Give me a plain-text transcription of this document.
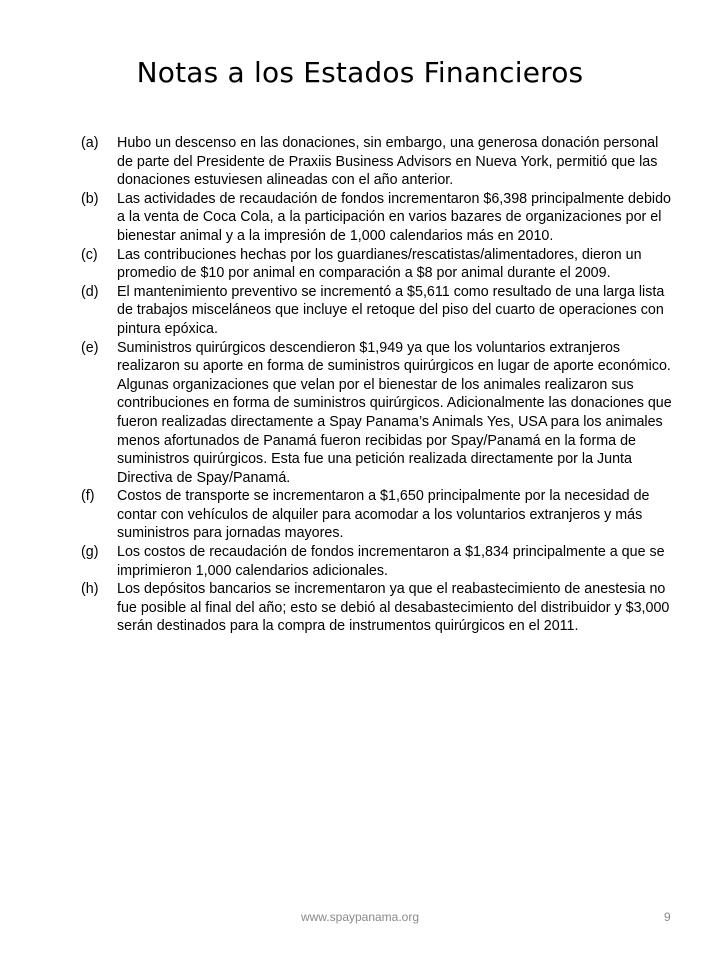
Notas a los Estados Financieros
(a)	Hubo un descenso en las donaciones, sin embargo, una generosa donación personal de parte del Presidente de Praxiis Business Advisors en Nueva York, permitió que las donaciones estuviesen alineadas con el año anterior.
(b)	Las actividades de recaudación de fondos incrementaron $6,398 principalmente debido a la venta de Coca Cola, a la participación en varios bazares de organizaciones por el bienestar animal y a la impresión de 1,000 calendarios más en 2010.
(c)	Las contribuciones hechas por los guardianes/rescatistas/alimentadores, dieron un promedio de $10 por animal en comparación a $8 por animal durante el 2009.
(d)	El mantenimiento preventivo se incrementó a $5,611 como resultado de una larga lista de trabajos misceláneos que incluye el retoque del piso del cuarto de operaciones con pintura epóxica.
(e)	Suministros quirúrgicos descendieron $1,949 ya que los voluntarios extranjeros realizaron su aporte en forma de suministros quirúrgicos en lugar de aporte económico. Algunas organizaciones que velan por el bienestar de los animales realizaron sus contribuciones en forma de suministros quirúrgicos. Adicionalmente las donaciones que fueron realizadas directamente a Spay Panama’s Animals Yes, USA para los animales menos afortunados de Panamá fueron recibidas por Spay/Panamá en la forma de suministros quirúrgicos. Esta fue una petición realizada directamente por la Junta Directiva de Spay/Panamá.
(f)	Costos de transporte se incrementaron a $1,650 principalmente por la necesidad de contar con vehículos de alquiler para acomodar a los voluntarios extranjeros y más suministros para jornadas mayores.
(g)	Los costos de recaudación de fondos incrementaron a $1,834 principalmente a que se imprimieron 1,000 calendarios adicionales.
(h)	Los depósitos bancarios se incrementaron ya que el reabastecimiento de anestesia no fue posible al final del año; esto se debió al desabastecimiento del distribuidor y $3,000 serán destinados para la compra de instrumentos quirúrgicos en el 2011.
www.spaypanama.org	9
